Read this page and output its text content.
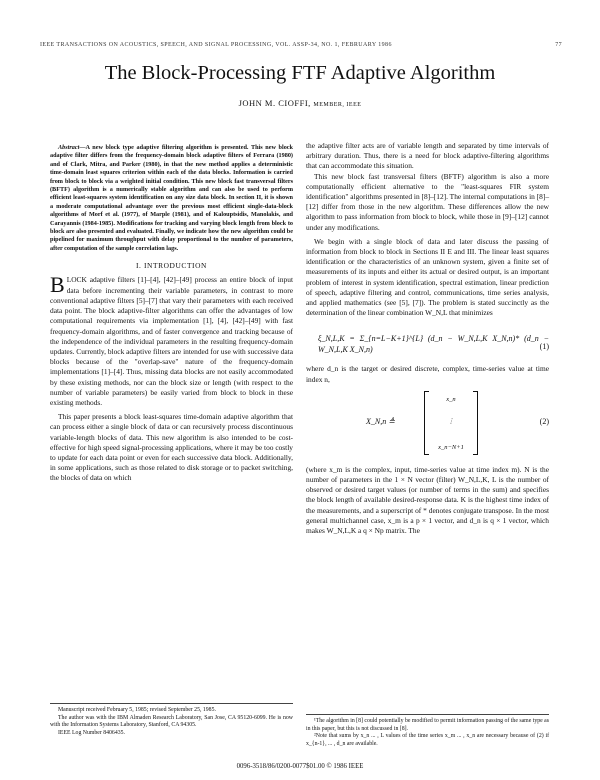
IEEE TRANSACTIONS ON ACOUSTICS, SPEECH, AND SIGNAL PROCESSING, VOL. ASSP-34, NO. 1, FEBRUARY 1986	77
The Block-Processing FTF Adaptive Algorithm
JOHN M. CIOFFI, MEMBER, IEEE
Abstract—A new block type adaptive filtering algorithm is presented. This new block adaptive filter differs from the frequency-domain block adaptive filters of Ferrara (1980) and of Clark, Mitra, and Parker (1980), in that the new method applies a deterministic time-domain least squares criterion within each of the data blocks. Information is carried from block to block via a weighted initial condition. This new block fast transversal filters (BFTF) algorithm is a numerically stable algorithm and can also be used to perform efficient least-squares system identification on any size data block. In section II, it is shown a moderate computational advantage over the previous most efficient single-data-block algorithms of Morf et al. (1977), of Marple (1981), and of Kalouptsidis, Manolakis, and Carayannis (1984-1985). Modifications for tracking and varying block length from block to block are also presented and evaluated. Finally, we indicate how the new algorithm could be pipelined for maximum throughput with delay proportional to the number of parameters, after computation of the sample correlation lags.
I. INTRODUCTION

BLOCK adaptive filters [1]–[4], [42]–[49] process an entire block of input data before incrementing their variable parameters, in contrast to more conventional adaptive filters [5]–[7] that vary their parameters with each received data point. The block adaptive-filter algorithms can offer the advantages of low computational requirements via implementation [1], [4], [42]–[49] with fast frequency-domain algorithms, and of faster convergence and tracking because of the independence of the individual parameters in the resulting frequency-domain updates. Currently, block adaptive filters are intended for use with successive data blocks because of the "overlap-save" nature of the frequency-domain implementations [1]–[4]. Thus, missing data blocks are not easily accommodated by these existing methods, nor can the block size or length (with respect to the number of variable parameters) be easily varied from block to block in these existing methods.

This paper presents a block least-squares time-domain adaptive algorithm that can process either a single block of data or can recursively process discontinuous variable-length blocks of data. This new algorithm is also intended to be cost-effective for high speed signal-processing applications, where it may be too costly to update for each data point or even for each successive data block. Additionally, in some applications, such as those related to disk storage or to packet switching, the blocks of data on which

the adaptive filter acts are of variable length and separated by time intervals of arbitrary duration. Thus, there is a need for block adaptive-filtering algorithms that can accommodate this situation.

This new block fast transversal filters (BFTF) algorithm is also a more computationally efficient alternative to the "least-squares FIR system identification" algorithms presented in [8]–[12]. The internal computations in [8]–[12] differ from those in the new algorithm. These differences allow the new algorithm to pass information from block to block, while those in [9]–[12] cannot under any modifications.

We begin with a single block of data and later discuss the passing of information from block to block in Sections II E and III. The linear least squares identification or the characteristics of an unknown system, given a finite set of measurements of its inputs and either its actual or desired output, is an important problem of interest in system identification, spectral estimation, linear prediction of speech, adaptive filtering and control, communications, time series analysis, and applied mathematics (see [5], [7]). The problem is stated succinctly as the determination of the linear combination W_N,L that minimizes

ξ_N,L,K = Σ_{n=L−K+1}^{L} (d_n − W_N,L,K X_N,n)* (d_n − W_N,L,K X_N,n)	(1)

where d_n is the target or desired discrete, complex, time-series value at time index n,

X_N,n ≜
x_n
⋮
x_n−N+1
(2)

(where x_m is the complex, input, time-series value at time index m). N is the number of parameters in the 1 × N vector (filter) W_N,L,K, L is the number of observed or desired target values (or number of terms in the sum) and specifies the block length of available desired-response data. K is the highest time index of the measurements, and a superscript of * denotes conjugate transpose. In the most general multichannel case, x_m is a p × 1 vector, and d_n is q × 1 vector, which makes W_N,L,K a q × Np matrix. The

Manuscript received February 5, 1985; revised September 25, 1985.

The author was with the IBM Almaden Research Laboratory, San Jose, CA 95120-6099. He is now with the Information Systems Laboratory, Stanford, CA 94305.

IEEE Log Number 8406435.

¹The algorithm in [8] could potentially be modified to permit information passing of the same type as in this paper, but this is not discussed in [8].

²Note that sums by x_n ... , L values of the time series x_m ... , x_n are necessary because of (2) if x_{n-1}, ... , d_n are available.

0096-3518/86/0200-0077$01.00 © 1986 IEEE
